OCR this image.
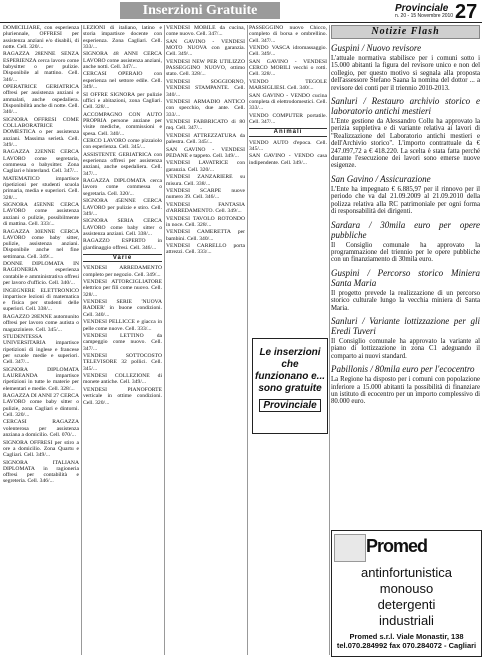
Inserzioni Gratuite	Provinciale
n. 20 - 15 Novembre 2010 27

DOMICILIARE, con esperienza pluriennale, OFFRESI per assistenza anziani e/o disabili, di notte. Cell. 320/...

RAGAZZA 28ENNE SENZA ESPERIENZA cerca lavoro come babysitter o per pulizie. Disponibile al mattino. Cell. 346/...

OPERATRICE GERIATRICA offresi per assistenza anziani e ammalati, anche ospedaliera. Disponibilità anche di notte. Cell. 340/...

SIGNORA OFFRESI COME COLLABORATRICE DOMESTICA o per assistenza anziani. Massima serietà. Cell. 349/...

RAGAZZA 22ENNE CERCA LAVORO come segretaria, commessa o babysitter. Zona Cagliari e hinterland. Cell. 347/...

MATEMATICO impartisce ripetizioni per studenti scuola primaria, media e superiori. Cell. 328/...

SIGNORA 45ENNE CERCA LAVORO come assistenza anziani o pulizie, possibilmente di mattina. Cell. 333/...

RAGAZZA 30ENNE CERCA LAVORO come baby sitter, pulizie, assistenza anziani. Disponibile anche nel fine settimana. Cell. 349/...

DONNE DIPLOMATA IN RAGIONERIA esperienza contabile e amministrativa offresi per lavoro d'ufficio. Cell. 340/...

INGEGNERE ELETTRONICO impartisce lezioni di matematica e fisica per studenti delle superiori. Cell. 338/...

RAGAZZO 28ENNE automunito offresi per lavoro come autista o magazziniere. Cell. 345/...

STUDENTESSA UNIVERSITARIA impartisce ripetizioni di inglese e francese per scuole medie e superiori. Cell. 347/...

SIGNORA DIPLOMATA LAUREANDA impartisce ripetizioni in tutte le materie per elementari e medie. Cell. 328/...

RAGAZZA DI ANNI 27 CERCA LAVORO come baby sitter o pulizie, zona Cagliari e dintorni. Cell. 320/...

CERCASI RAGAZZA volenterosa per assistenza anziana a domicilio. Cell. 070/...

SIGNORA OFFRESI per stiro a ore a domicilio. Zona Quartu e Cagliari. Cell. 349/...

SIGNORA ITALIANA DIPLOMATA in ragioneria offresi per contabilità e segreteria. Cell. 346/...

LEZIONI di italiano, latino e storia impartisce docente con esperienza. Zona Cagliari. Cell. 333/...

SIGNORA 48 ANNI CERCA LAVORO come assistenza anziani, anche notti. Cell. 347/...

CERCASI OPERAIO con esperienza nel settore edile. Cell. 349/...

SI OFFRE SIGNORA per pulizie uffici e abitazioni, zona Cagliari. Cell. 328/...

ACCOMPAGNO CON AUTO PROPRIA persone anziane per visite mediche, commissioni e spesa. Cell. 340/...

CERCO LAVORO come pizzaiolo con esperienza. Cell. 345/...

ASSISTENTE GERIATRICA con esperienza offresi per assistenza anziani, anche ospedaliera. Cell. 347/...

RAGAZZA DIPLOMATA cerca lavoro come commessa o segretaria. Cell. 320/...

SIGNORA 45ENNE CERCA LAVORO per pulizie e stiro. Cell. 349/...

SIGNORA SERIA CERCA LAVORO come baby sitter o assistenza anziani. Cell. 338/...

RAGAZZO ESPERTO in giardinaggio offresi. Cell. 346/...

Varie

VENDESI ARREDAMENTO completo per negozio. Cell. 349/...

VENDESI ATTORCIGLIATORE elettrico per fili come nuovo. Cell. 328/...

VENDESI SERIE 'NUOVA RADIER' in buone condizioni. Cell. 340/...

VENDESI PELLICCE e giacca in pelle come nuove. Cell. 333/...

VENDESI LETTINO da campeggio come nuovo. Cell. 347/...

VENDESI SOTTOCOSTO TELEVISORE 32 pollici. Cell. 345/...

VENDESI COLLEZIONE di monete antiche. Cell. 349/...

VENDESI PIANOFORTE verticale in ottime condizioni. Cell. 320/...

VENDESI MOBILE da cucina, come nuovo. Cell. 347/...

SAN GAVINO - VENDESI MOTO NUOVA con garanzia. Cell. 349/...

VENDESI NEW PER UTILIZZO PASSEGGINO NUOVO, ottimo stato. Cell. 328/...

VENDESI SOGGIORNO, VENDESI STAMPANTE. Cell. 340/...

VENDESI ARMADIO ANTICO con specchio, due ante. Cell. 333/...

VENDESI FABBRICATO di 80 mq. Cell. 347/...

VENDESI ATTREZZATURA da palestra. Cell. 345/...

SAN GAVINO - VENDESI PEDANE e tappeto. Cell. 349/...

VENDESI LAVATRICE con garanzia. Cell. 320/...

VENDESI ZANZARIERE su misura. Cell. 338/...

VENDESI SCARPE nuove numero 39. Cell. 346/...

VENDESI FANTASIA d'ARREDAMENTO. Cell. 349/...

VENDESI TAVOLO ROTONDO in noce. Cell. 328/...

VENDESI CAMERETTA per bambini. Cell. 340/...

VENDESI CARRELLO porta attrezzi. Cell. 333/...

PASSEGGINO nuovo Chicco, completo di borsa e ombrellino. Cell. 347/...

VENDO VASCA idromassaggio. Cell. 349/...

SAN GAVINO - VENDESI CERCO MOBILI vecchi o rotti. Cell. 328/...

VENDO TEGOLE MARSIGLIESI. Cell. 340/...

SAN GAVINO - VENDO cucina completa di elettrodomestici. Cell. 333/...

VENDO COMPUTER portatile. Cell. 347/...

Animali

VENDO AUTO d'epoca. Cell. 345/...

SAN GAVINO - VENDO casa indipendente. Cell. 349/...

Le inserzioni
che
funzionano e...
sono gratuite
Provinciale
Notizie Flash
Guspini / Nuovo revisore

L'attuale normativa stabilisce per i comuni sotto i 15.000 abitanti la figura del revisore unico e non del collegio, per questo motivo si segnala alla proposta dell'assessore Stefano Saana la nomina del dottor ... a revisore dei conti per il triennio 2010-2013.

Sanluri / Restauro archivio storico e laboratorio antichi mestieri

L'Ente gestione da Alessandro Collu ha approvato la perizia suppletiva e di variante relativa ai lavori di "Realizzazione del Laboratorio antichi mestieri e dell'Archivio storico". L'importo contrattuale da € 247.097,72 a € 418.220. La scelta è stata fatta perché durante l'esecuzione dei lavori sono emerse nuove esigenze.

San Gavino / Assicurazione

L'Ente ha impegnato € 6.885,97 per il rinnovo per il periodo che va dal 21.09.2009 al 21.09.2010 della polizza relativa alla RC patrimoniale per ogni forma di responsabilità dei dirigenti.

Sardara / 30mila euro per opere pubbliche

Il Consiglio comunale ha approvato la programmazione del triennio per le opere pubbliche con un finanziamento di 30mila euro.

Guspini / Percorso storico Miniera Santa Maria

Il progetto prevede la realizzazione di un percorso storico culturale lungo la vecchia miniera di Santa Maria.

Sanluri / Variante lottizzazione per gli Eredi Tuveri

Il Consiglio comunale ha approvato la variante al piano di lottizzazione in zona C1 adeguando il comparto ai nuovi standard.

Pabillonis / 80mila euro per l'ecocentro

La Regione ha disposto per i comuni con popolazione inferiore a 15.000 abitanti la possibilità di finanziare un istituto di ecocentro per un importo complessivo di 80.000 euro.

Promed
antinfortunistica
monouso
detergenti
industriali
Promed s.r.l. Viale Monastir, 138
tel.070.284992 fax 070.284072 - Cagliari
